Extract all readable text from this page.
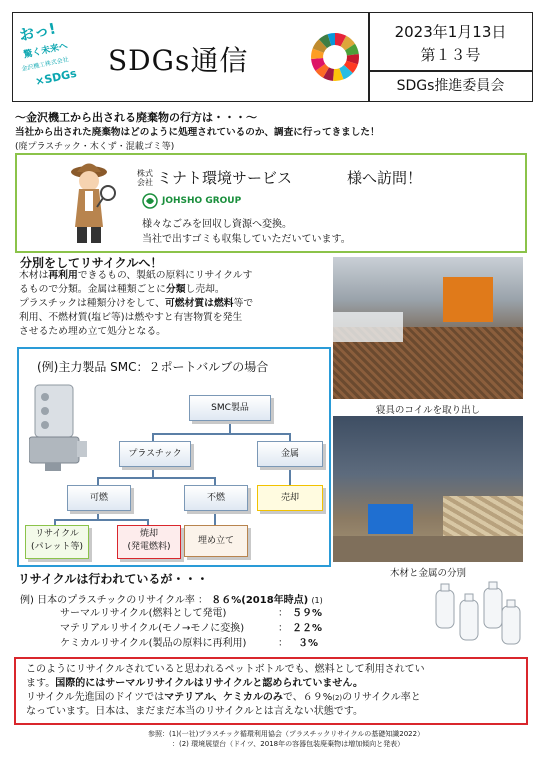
おっ!
驚く未来へ
金沢機工株式会社
×SDGs
SDGs通信
2023年1月13日
第１３号
SDGs推進委員会
～金沢機工から出される廃棄物の行方は・・・～
当社から出された廃棄物はどのように処理されているのか、調査に行ってきました！
(廃プラスチック・木くず・混載ゴミ等)
株式会社 ミナト環境サービス	様へ訪問！
JOHSHO GROUP
様々なごみを回収し資源へ変換。
当社で出すゴミも収集していただいています。
分別をしてリサイクルへ！
木材は再利用できるもの、製紙の原料にリサイクルす
るもので分類。金属は種類ごとに分類し売却。
プラスチックは種類分けをして、可燃材質は燃料等で
利用、不燃材質(塩ビ等)は燃やすと有害物質を発生
させるため埋め立て処分となる。
寝具のコイルを取り出し
木材と金属の分別
(例)主力製品 SMC：２ポートバルブの場合
SMC製品
プラスチック	金属
可燃	不燃	売却
リサイクル
(パレット等)
焼却
(発電燃料)
埋め立て
リサイクルは行われているが・・・
例) 日本のプラスチックのリサイクル率 ： ８６%(2018年時点) (1)
サーマルリサイクル(燃料として発電)	： ５９%
マテリアルリサイクル(モノ→モノに変換)	： ２２%
ケミカルリサイクル(製品の原料に再利用)	： ３%
このようにリサイクルされていると思われるペットボトルでも、燃料として利用されてい
ます。国際的にはサーマルリサイクルはリサイクルと認められていません。
リサイクル先進国のドイツではマテリアル、ケミカルのみで、６９%(2)のリサイクル率と
なっています。日本は、まだまだ本当のリサイクルとは言えない状態です。
参照：(1)(一社)プラスチック循環利用協会（プラスチックリサイクルの基礎知識2022）
：(2) 環境展望台（ドイツ、2018年の容器包装廃棄物は増加傾向と発表）
